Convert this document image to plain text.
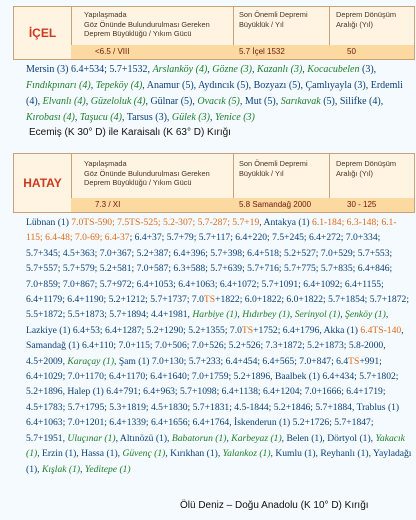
İÇEL
Yapılaşmada
Göz Önünde Bulundurulması Gereken
Deprem Büyüklüğü / Yıkım Gücü
Son Önemli Depremi
Büyüklük / Yıl
Deprem Dönüşüm
Aralığı (Yıl)
<6.5 / VIII	5.7 İçel 1532	50
Mersin (3) 6.4+534; 5.7+1532, Arslanköy (4), Gözne (3), Kazanlı (3), Kocacubelen (3), Fındıkpınarı (4), Tepeköy (4), Anamur (5), Aydıncık (5), Bozyazı (5), Çamlıyayla (3), Erdemli (4), Elvanlı (4), Güzeloluk (4), Gülnar (5), Ovacık (5), Mut (5), Sarıkavak (5), Silifke (4), Kırobası (4), Taşucu (4), Tarsus (3), Gülek (3), Yenice (3)
Ecemiş (K 30° D) ile Karaisalı (K 63° D) Kırığı
HATAY
Yapılaşmada
Göz Önünde Bulundurulması Gereken
Deprem Büyüklüğü / Yıkım Gücü
Son Önemli Depremi
Büyüklük / Yıl
Deprem Dönüşüm
Aralığı (Yıl)
7.3 / XI	5.8 Samandağ 2000	30 - 125
Lübnan (1) 7.0TS-590; 7.5TS-525; 5.2-307; 5.7-287; 5.7+19, Antakya (1) 6.1-184; 6.3-148; 6.1-115; 6.4-48; 7.0-69; 6.4-37; 6.4+37; 5.7+79; 5.7+117; 6.4+220; 7.5+245; 6.4+272; 7.0+334; 5.7+345; 4.5+363; 7.0+367; 5.2+387; 6.4+396; 5.7+398; 6.4+518; 5.2+527; 7.0+529; 5.7+553; 5.7+557; 5.7+579; 5.2+581; 7.0+587; 6.3+588; 5.7+639; 5.7+716; 5.7+775; 5.7+835; 6.4+846; 7.0+859; 7.0+867; 5.7+972; 6.4+1053; 6.4+1063; 6.4+1072; 5.7+1091; 6.4+1092; 6.4+1155; 6.4+1179; 6.4+1190; 5.2+1212; 5.7+1737; 7.0TS+1822; 6.0+1822; 6.0+1822; 5.7+1854; 5.7+1872; 5.5+1872; 5.5+1873; 5.7+1894; 4.4+1981, Harbiye (1), Hıdırbey (1), Serinyol (1), Şenköy (1), Lazkiye (1) 6.4+53; 6.4+1287; 5.2+1290; 5.2+1355; 7.0TS+1752; 6.4+1796, Akka (1) 6.4TS-140, Samandağ (1) 6.4+110; 7.0+115; 7.0+506; 7.0+526; 5.2+526; 7.3+1872; 5.2+1873; 5.8-2000, 4.5+2009, Karaçay (1), Şam (1) 7.0+130; 5.7+233; 6.4+454; 6.4+565; 7.0+847; 6.4TS+991; 6.4+1029; 7.0+1170; 6.4+1170; 6.4+1640; 7.0+1759; 5.2+1896, Baalbek (1) 6.4+434; 5.7+1802; 5.2+1896, Halep (1) 6.4+791; 6.4+963; 5.7+1098; 6.4+1138; 6.4+1204; 7.0+1666; 6.4+1719; 4.5+1783; 5.7+1795; 5.3+1819; 4.5+1830; 5.7+1831; 4.5-1844; 5.2+1846; 5.7+1884, Trablus (1) 6.4+1063; 7.0+1201; 6.4+1339; 6.4+1656; 6.4+1764, İskenderun (1) 5.2+1726; 5.7+1847; 5.7+1951, Uluçınar (1), Altınözü (1), Babatorun (1), Karbeyaz (1), Belen (1), Dörtyol (1), Yakacık (1), Erzin (1), Hassa (1), Güvenç (1), Kırıkhan (1), Yalankoz (1), Kumlu (1), Reyhanlı (1), Yayladağı (1), Kışlak (1), Yeditepe (1)
Ölü Deniz – Doğu Anadolu (K 10° D) Kırığı
